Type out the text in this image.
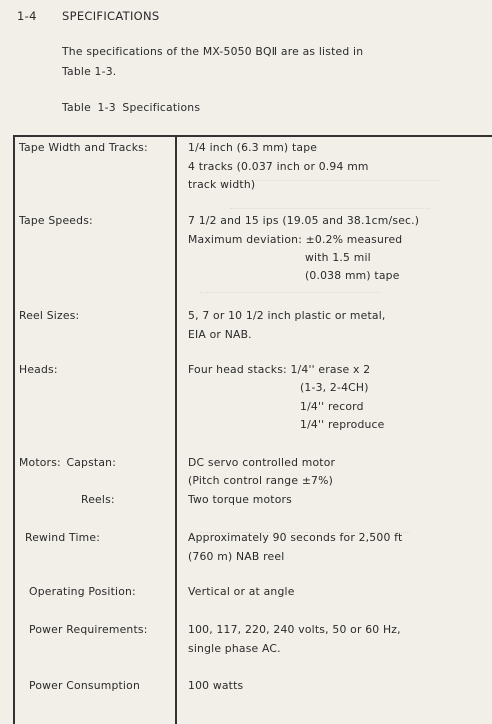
1-4 SPECIFICATIONS
The specifications of the MX-5050 BQⅡ are as listed in
Table 1-3.
Table 1-3 Specifications
Tape Width and Tracks:	1/4 inch (6.3 mm) tape
4 tracks (0.037 inch or 0.94 mm
track width)
Tape Speeds:	7 1/2 and 15 ips (19.05 and 38.1cm/sec.)
Maximum deviation: ±0.2% measured
with 1.5 mil
(0.038 mm) tape
Reel Sizes:	5, 7 or 10 1/2 inch plastic or metal,
EIA or NAB.
Heads:	Four head stacks: 1/4'' erase x 2
(1-3, 2-4CH)
1/4'' record
1/4'' reproduce
Motors: Capstan:	DC servo controlled motor
(Pitch control range ±7%)
Reels:	Two torque motors
Rewind Time:	Approximately 90 seconds for 2,500 ft
(760 m) NAB reel
Operating Position:	Vertical or at angle
Power Requirements:	100, 117, 220, 240 volts, 50 or 60 Hz,
single phase AC.
Power Consumption	100 watts
